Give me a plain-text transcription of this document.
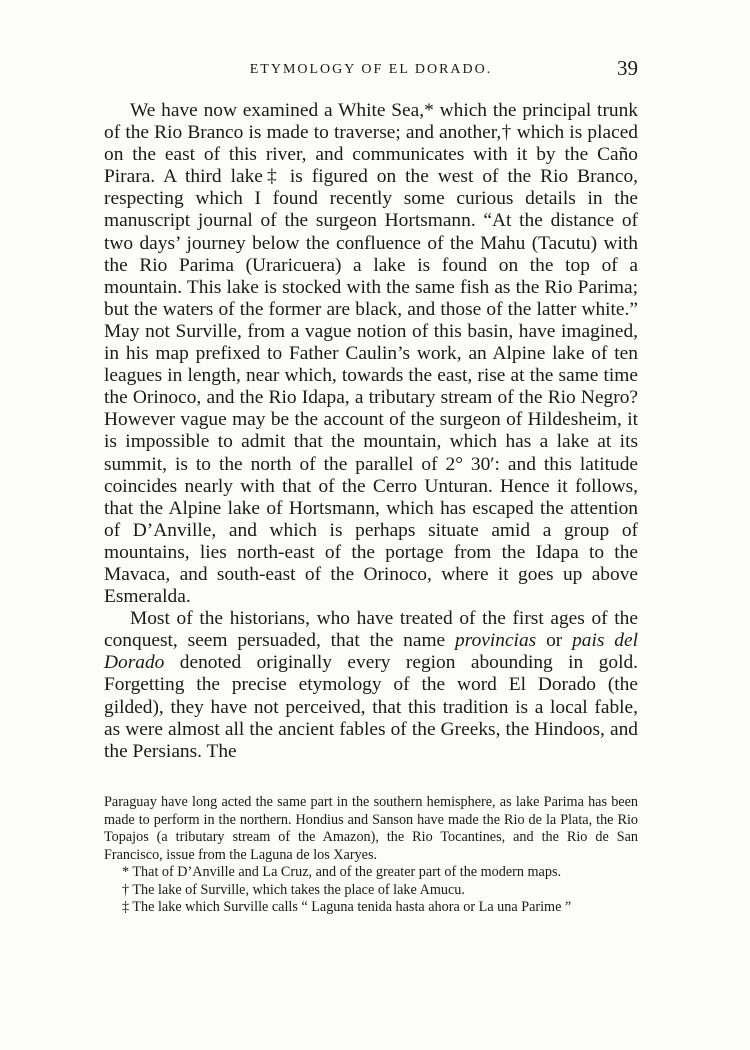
ETYMOLOGY OF EL DORADO.	39

We have now examined a White Sea,* which the principal trunk of the Rio Branco is made to traverse; and another,† which is placed on the east of this river, and communicates with it by the Caño Pirara. A third lake‡ is figured on the west of the Rio Branco, respecting which I found recently some curious details in the manuscript journal of the surgeon Hortsmann. “At the distance of two days’ journey below the confluence of the Mahu (Tacutu) with the Rio Parima (Uraricuera) a lake is found on the top of a mountain. This lake is stocked with the same fish as the Rio Parima; but the waters of the former are black, and those of the latter white.” May not Surville, from a vague notion of this basin, have imagined, in his map prefixed to Father Caulin’s work, an Alpine lake of ten leagues in length, near which, towards the east, rise at the same time the Orinoco, and the Rio Idapa, a tributary stream of the Rio Negro? However vague may be the account of the surgeon of Hildesheim, it is impossible to admit that the mountain, which has a lake at its summit, is to the north of the parallel of 2° 30′: and this latitude coincides nearly with that of the Cerro Unturan. Hence it follows, that the Alpine lake of Hortsmann, which has escaped the attention of D’Anville, and which is perhaps situate amid a group of mountains, lies north-east of the portage from the Idapa to the Mavaca, and south-east of the Orinoco, where it goes up above Esmeralda.

Most of the historians, who have treated of the first ages of the conquest, seem persuaded, that the name provincias or pais del Dorado denoted originally every region abounding in gold. Forgetting the precise etymology of the word El Dorado (the gilded), they have not perceived, that this tradition is a local fable, as were almost all the ancient fables of the Greeks, the Hindoos, and the Persians. The

Paraguay have long acted the same part in the southern hemisphere, as lake Parima has been made to perform in the northern. Hondius and Sanson have made the Rio de la Plata, the Rio Topajos (a tributary stream of the Amazon), the Rio Tocantines, and the Rio de San Francisco, issue from the Laguna de los Xaryes.

* That of D’Anville and La Cruz, and of the greater part of the modern maps.

† The lake of Surville, which takes the place of lake Amucu.

‡ The lake which Surville calls “ Laguna tenida hasta ahora or La una Parime ”
